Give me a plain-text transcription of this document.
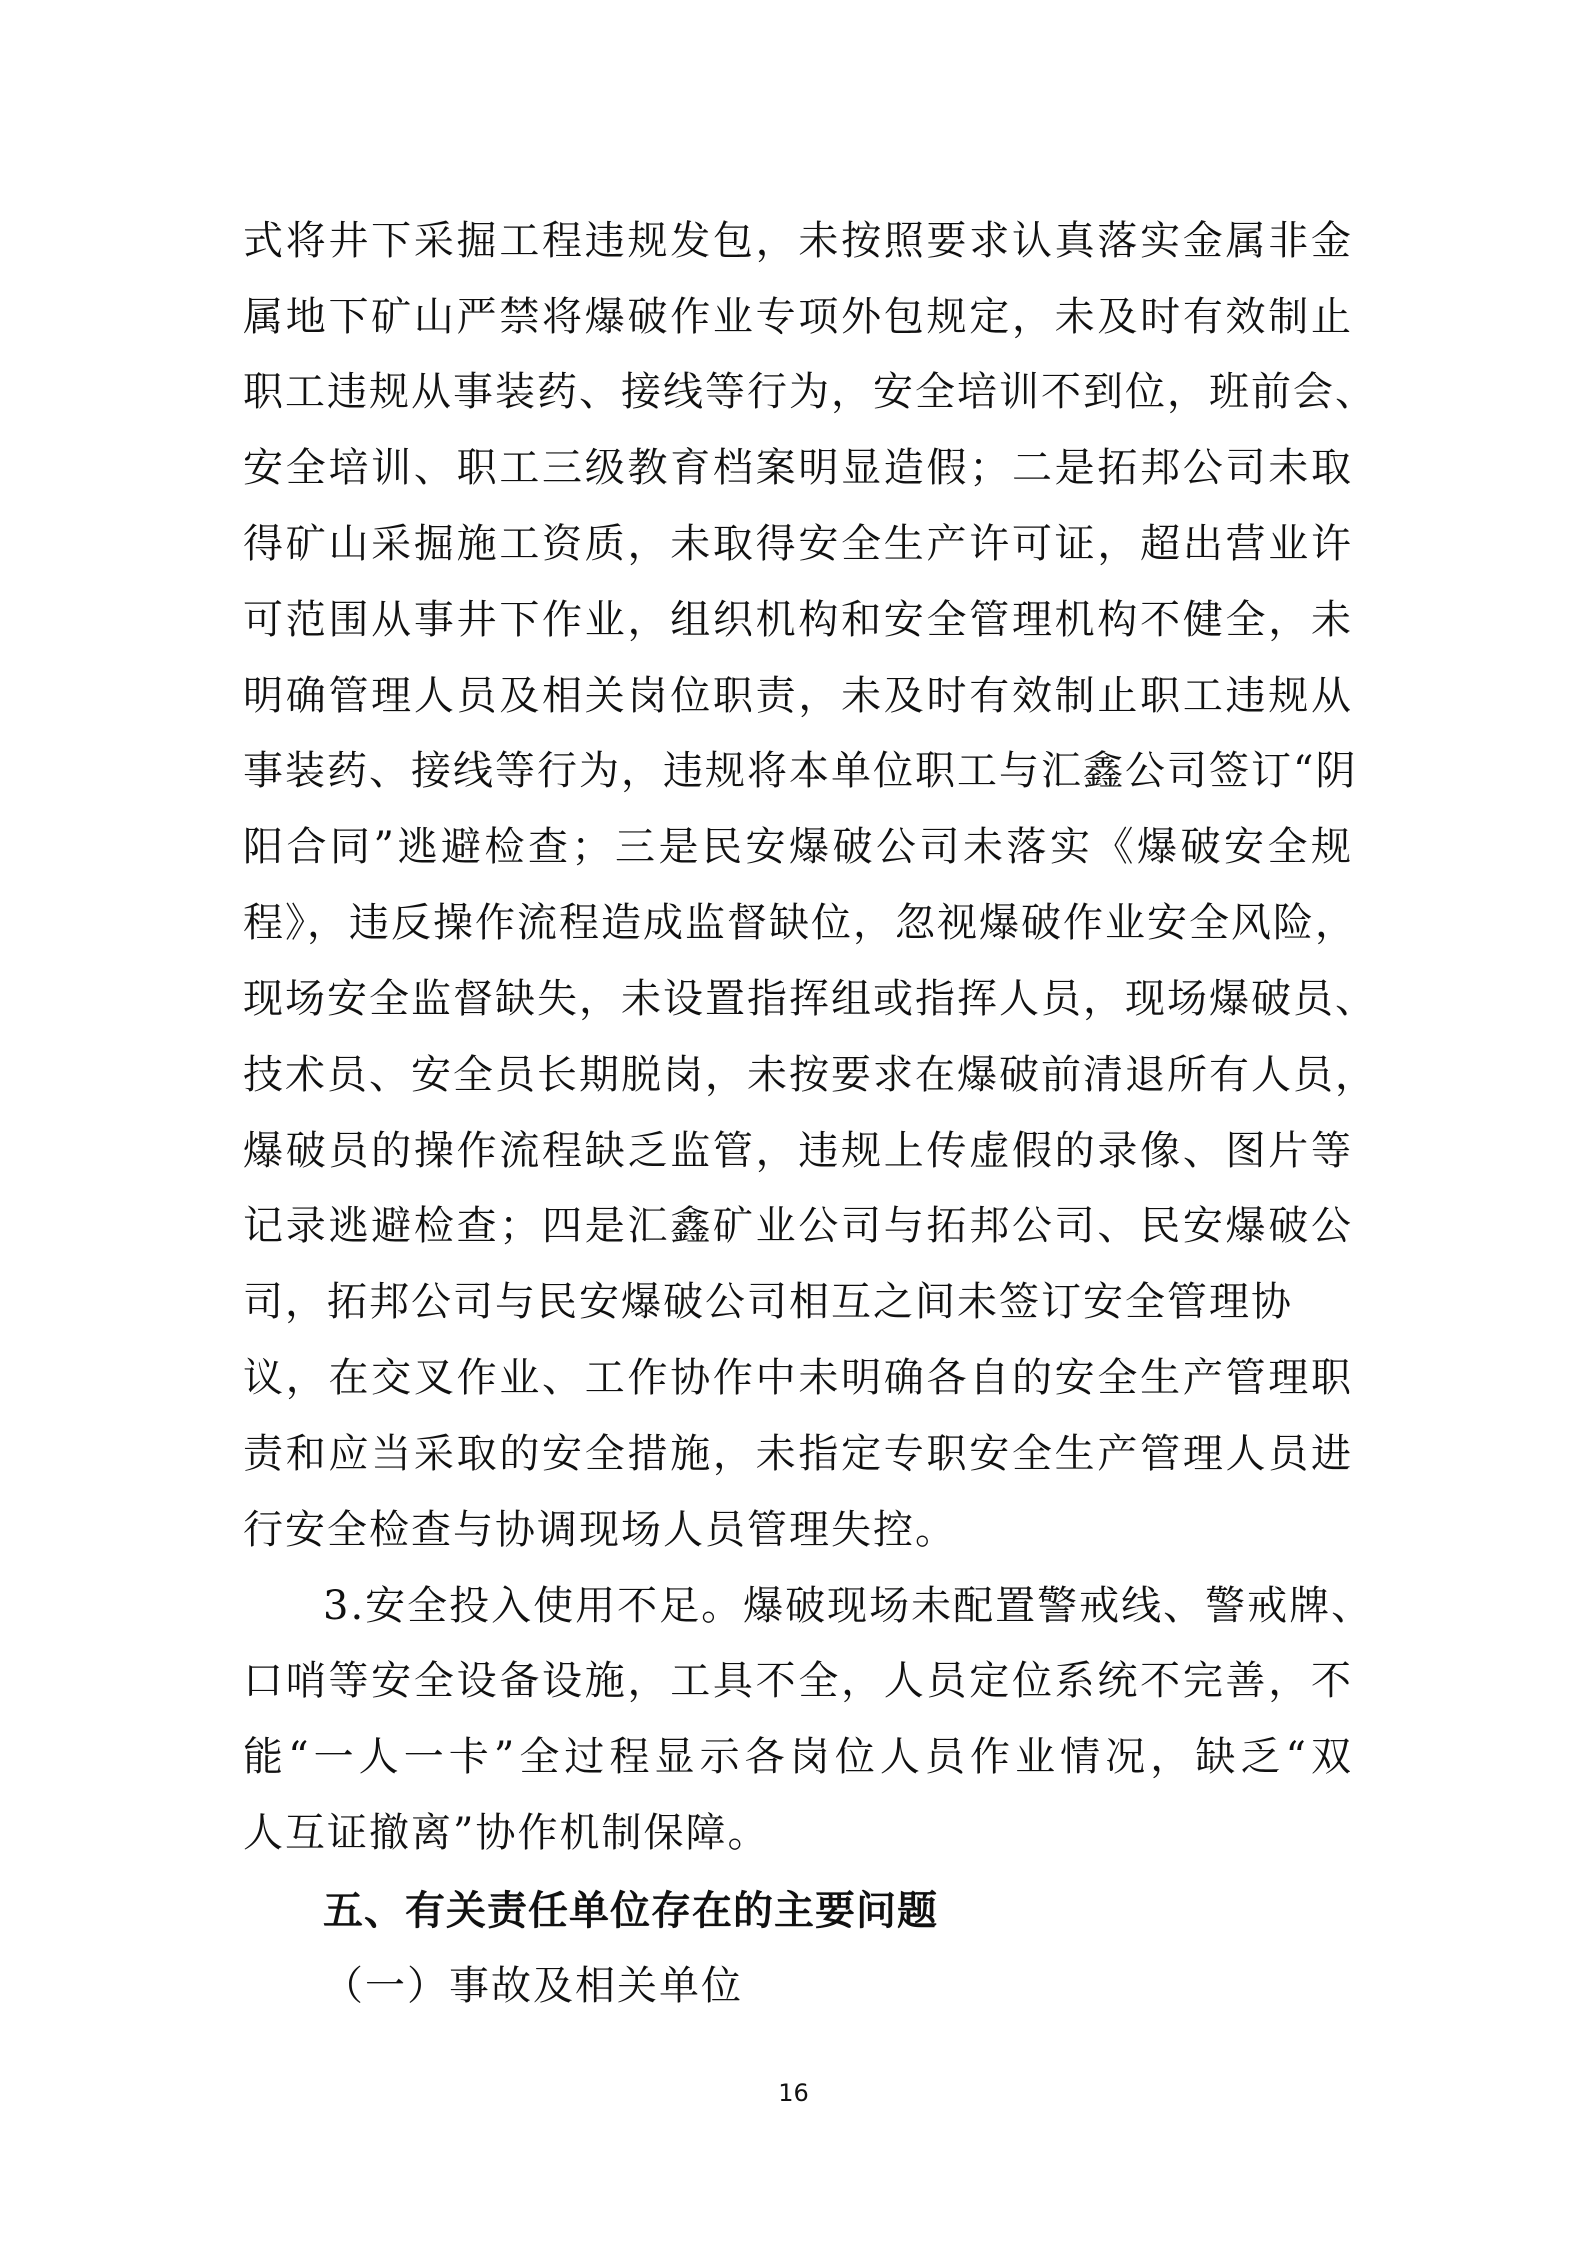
式将井下采掘工程违规发包，未按照要求认真落实金属非金
属地下矿山严禁将爆破作业专项外包规定，未及时有效制止
职工违规从事装药、接线等行为，安全培训不到位，班前会、
安全培训、职工三级教育档案明显造假；二是拓邦公司未取
得矿山采掘施工资质，未取得安全生产许可证，超出营业许
可范围从事井下作业，组织机构和安全管理机构不健全，未
明确管理人员及相关岗位职责，未及时有效制止职工违规从
事装药、接线等行为，违规将本单位职工与汇鑫公司签订“阴
阳合同”逃避检查；三是民安爆破公司未落实《爆破安全规
程》，违反操作流程造成监督缺位，忽视爆破作业安全风险，
现场安全监督缺失，未设置指挥组或指挥人员，现场爆破员、
技术员、安全员长期脱岗，未按要求在爆破前清退所有人员，
爆破员的操作流程缺乏监管，违规上传虚假的录像、图片等
记录逃避检查；四是汇鑫矿业公司与拓邦公司、民安爆破公
司，拓邦公司与民安爆破公司相互之间未签订安全管理协
议，在交叉作业、工作协作中未明确各自的安全生产管理职
责和应当采取的安全措施，未指定专职安全生产管理人员进
行安全检查与协调现场人员管理失控。
3.安全投入使用不足。爆破现场未配置警戒线、警戒牌、
口哨等安全设备设施，工具不全，人员定位系统不完善，不
能“一人一卡”全过程显示各岗位人员作业情况，缺乏“双
人互证撤离”协作机制保障。
五、有关责任单位存在的主要问题
（一）事故及相关单位
16
